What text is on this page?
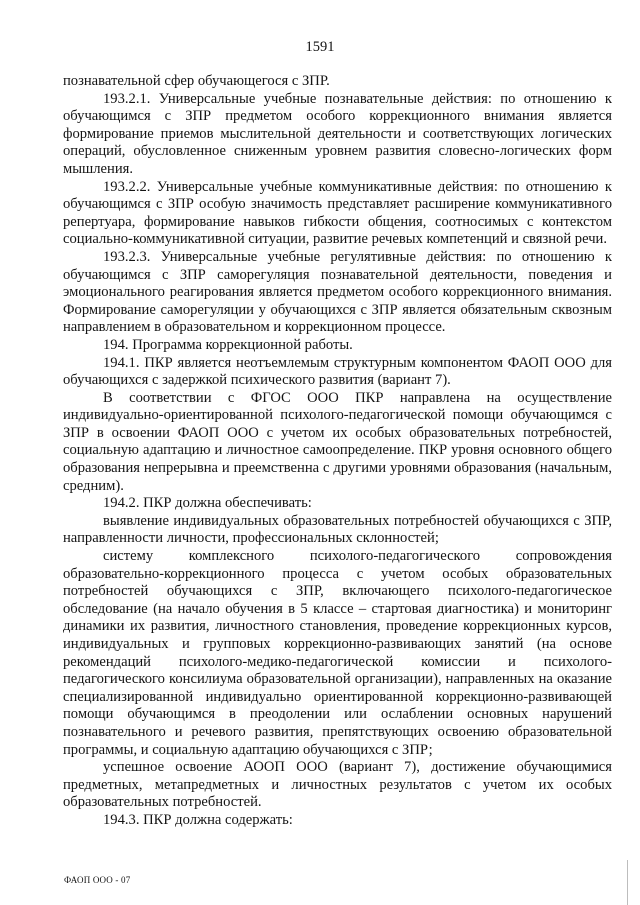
1591

познавательной сфер обучающегося с ЗПР.

193.2.1. Универсальные учебные познавательные действия: по отношению к обучающимся с ЗПР предметом особого коррекционного внимания является формирование приемов мыслительной деятельности и соответствующих логических операций, обусловленное сниженным уровнем развития словесно-логических форм мышления.

193.2.2. Универсальные учебные коммуникативные действия: по отношению к обучающимся с ЗПР особую значимость представляет расширение коммуникативного репертуара, формирование навыков гибкости общения, соотносимых с контекстом социально-коммуникативной ситуации, развитие речевых компетенций и связной речи.

193.2.3. Универсальные учебные регулятивные действия: по отношению к обучающимся с ЗПР саморегуляция познавательной деятельности, поведения и эмоционального реагирования является предметом особого коррекционного внимания. Формирование саморегуляции у обучающихся с ЗПР является обязательным сквозным направлением в образовательном и коррекционном процессе.

194. Программа коррекционной работы.

194.1. ПКР является неотъемлемым структурным компонентом ФАОП ООО для обучающихся с задержкой психического развития (вариант 7).

В соответствии с ФГОС ООО ПКР направлена на осуществление индивидуально-ориентированной психолого-педагогической помощи обучающимся с ЗПР в освоении ФАОП ООО с учетом их особых образовательных потребностей, социальную адаптацию и личностное самоопределение. ПКР уровня основного общего образования непрерывна и преемственна с другими уровнями образования (начальным, средним).

194.2. ПКР должна обеспечивать:

выявление индивидуальных образовательных потребностей обучающихся с ЗПР, направленности личности, профессиональных склонностей;

систему комплексного психолого-педагогического сопровождения образовательно-коррекционного процесса с учетом особых образовательных потребностей обучающихся с ЗПР, включающего психолого-педагогическое обследование (на начало обучения в 5 классе – стартовая диагностика) и мониторинг динамики их развития, личностного становления, проведение коррекционных курсов, индивидуальных и групповых коррекционно-развивающих занятий (на основе рекомендаций психолого-медико-педагогической комиссии и психолого-педагогического консилиума образовательной организации), направленных на оказание специализированной индивидуально ориентированной коррекционно-развивающей помощи обучающимся в преодолении или ослаблении основных нарушений познавательного и речевого развития, препятствующих освоению образовательной программы, и социальную адаптацию обучающихся с ЗПР;

успешное освоение АООП ООО (вариант 7), достижение обучающимися предметных, метапредметных и личностных результатов с учетом их особых образовательных потребностей.

194.3. ПКР должна содержать:

ФАОП ООО - 07
